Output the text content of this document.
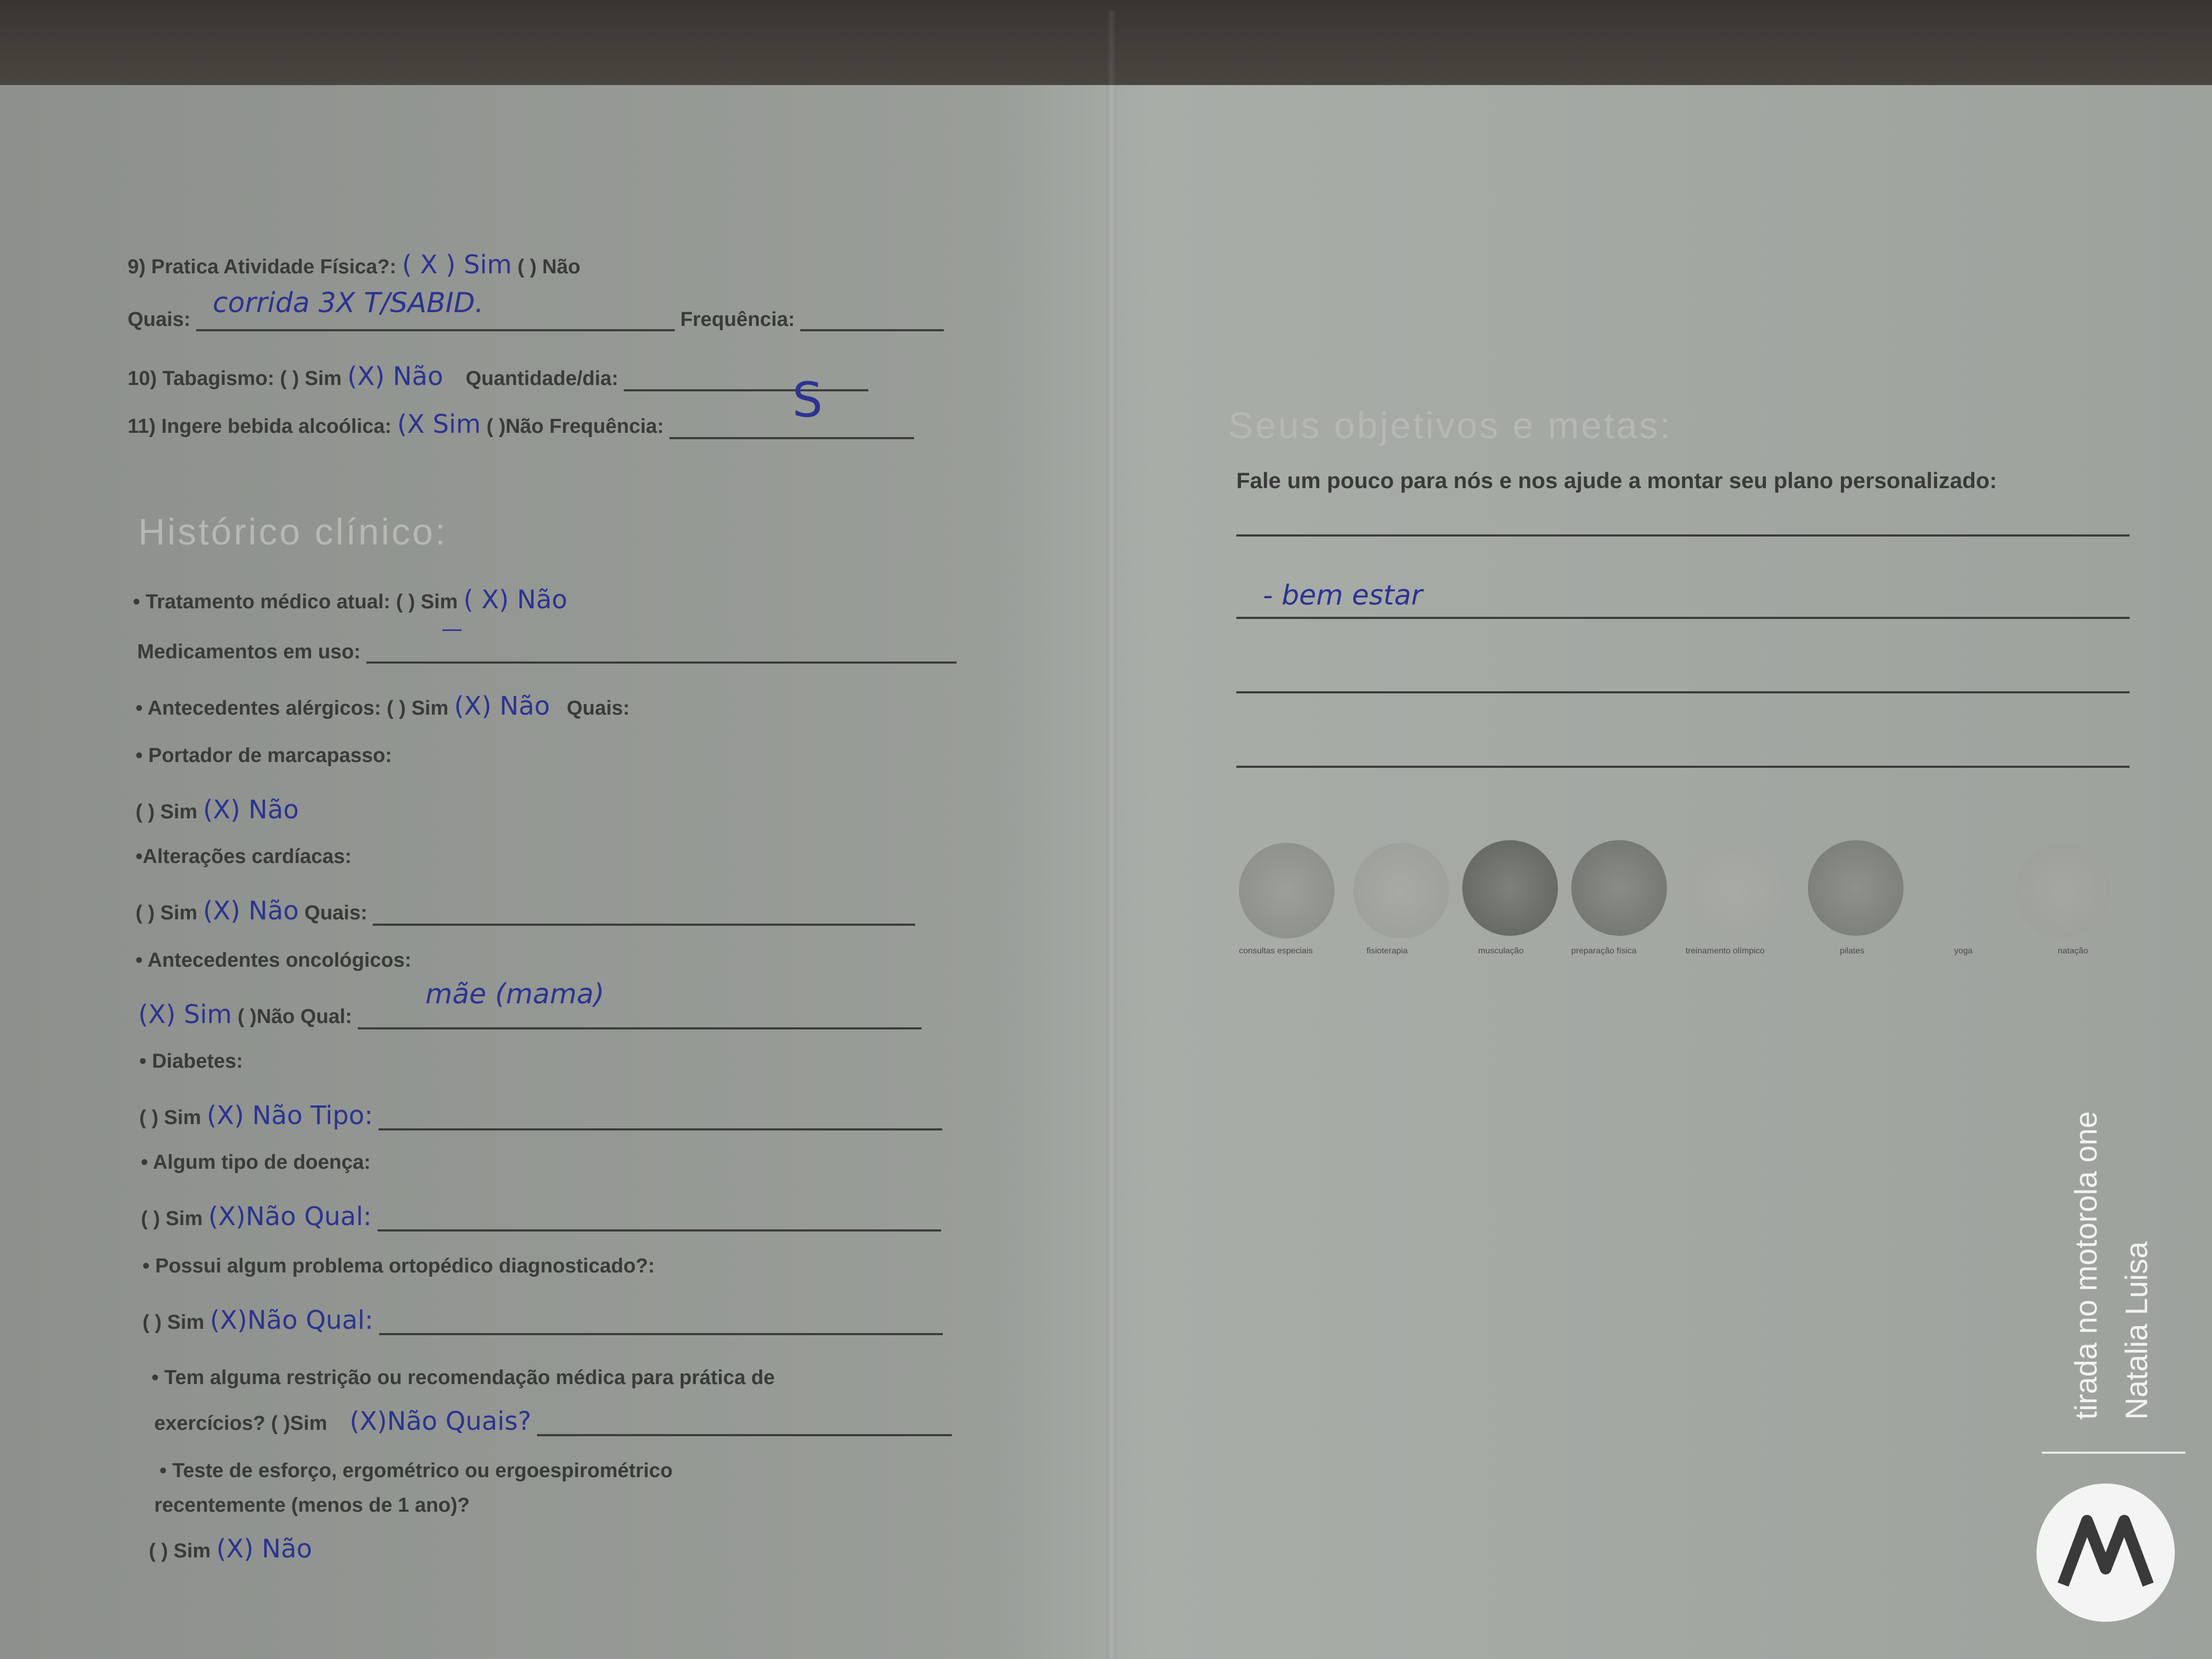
9) Pratica Atividade Física?: ( X ) Sim ( ) Não
Quais:	Frequência:
corrida 3X T/SABID.
10) Tabagismo: ( ) Sim (X) Não Quantidade/dia:
11) Ingere bebida alcoólica: (X Sim ( )Não Frequência:	S
Histórico clínico:
• Tratamento médico atual: ( ) Sim ( X) Não
Medicamentos em uso:
—
• Antecedentes alérgicos: ( ) Sim (X) Não Quais:
• Portador de marcapasso:
( ) Sim (X) Não
•Alterações cardíacas:
( ) Sim (X) Não Quais:
• Antecedentes oncológicos:
(X) Sim ( )Não Qual:
mãe (mama)
• Diabetes:
( ) Sim (X) Não Tipo:
• Algum tipo de doença:
( ) Sim (X)Não Qual:
• Possui algum problema ortopédico diagnosticado?:
( ) Sim (X)Não Qual:
• Tem alguma restrição ou recomendação médica para prática de
exercícios? ( )Sim (X)Não Quais?
• Teste de esforço, ergométrico ou ergoespirométrico
recentemente (menos de 1 ano)?
( ) Sim (X) Não
Seus objetivos e metas:
Fale um pouco para nós e nos ajude a montar seu plano personalizado:
- bem estar
consultas especiais	fisioterapia	musculação	preparação física	treinamento olímpico	pilates	yoga	natação
tirada no motorola one Natalia Luisa
